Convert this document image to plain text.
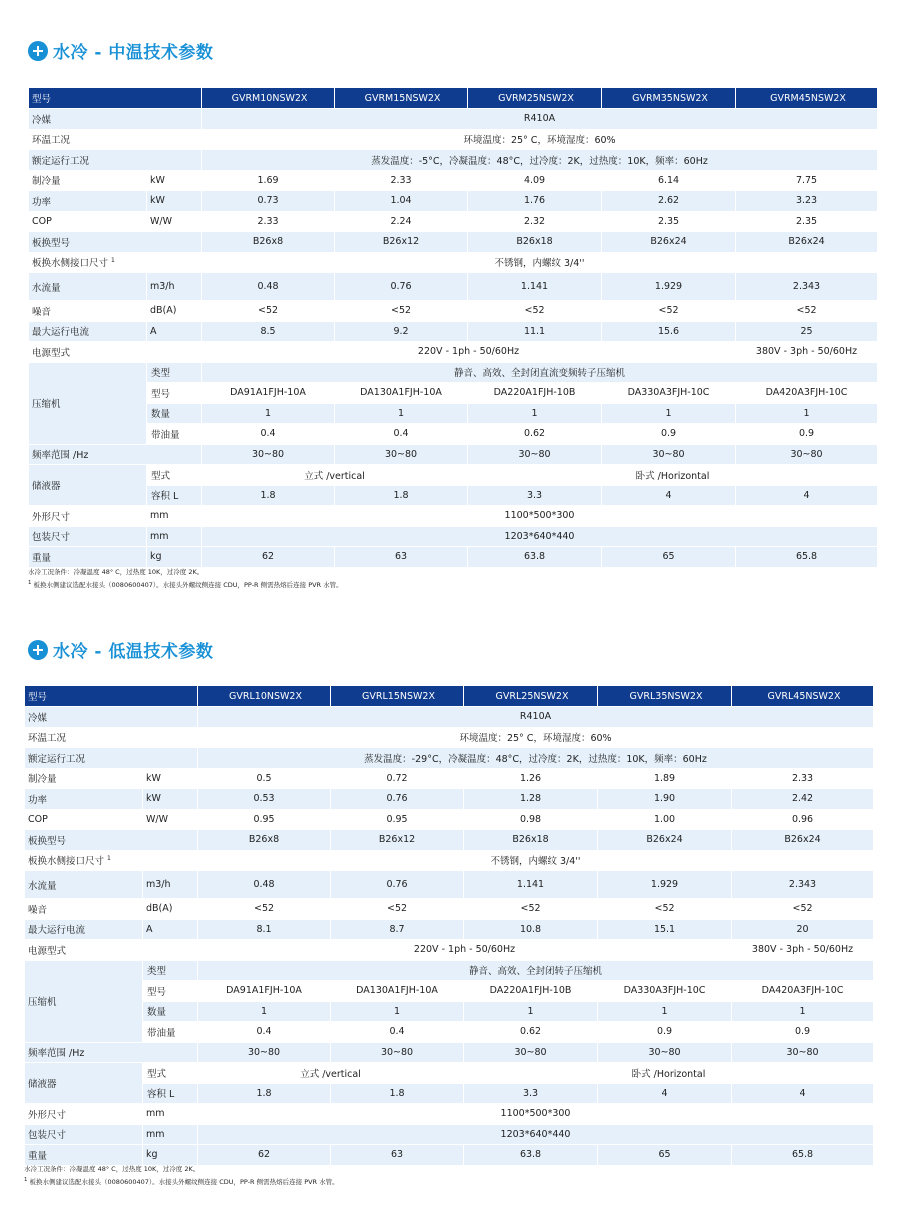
水冷 - 中温技术参数
型号		GVRM10NSW2X	GVRM15NSW2X	GVRM25NSW2X	GVRM35NSW2X	GVRM45NSW2X
冷媒		R410A				
环温工况		环境温度：25° C，环境湿度：60%				
额定运行工况		蒸发温度：-5°C，冷凝温度：48°C，过冷度：2K，过热度：10K，频率：60Hz				
制冷量	kW	1.69	2.33	4.09	6.14	7.75
功率	kW	0.73	1.04	1.76	2.62	3.23
COP	W/W	2.33	2.24	2.32	2.35	2.35
板换型号		B26x8	B26x12	B26x18	B26x24	B26x24
板换水侧接口尺寸 $^1$		不锈钢，内螺纹 3/4''				
水流量	m3/h	0.48	0.76	1.141	1.929	2.343
噪音	dB(A)	<52	<52	<52	<52	<52
最大运行电流	A	8.5	9.2	11.1	15.6	25
电源型式		220V - 1ph - 50/60Hz				380V - 3ph - 50/60Hz
压缩机	类型	静音、高效、全封闭直流变频转子压缩机				
	型号	DA91A1FJH-10A	DA130A1FJH-10A	DA220A1FJH-10B	DA330A3FJH-10C	DA420A3FJH-10C
	数量	1	1	1	1	1
	带油量	0.4	0.4	0.62	0.9	0.9
频率范围 /Hz		30~80	30~80	30~80	30~80	30~80
储液器	型式	立式 /vertical		卧式 /Horizontal		
	容积 L	1.8	1.8	3.3	4	4
外形尺寸	mm	1100*500*300				
包装尺寸	mm	1203*640*440				
重量	kg	62	63	63.8	65	65.8
水冷工况条件：冷凝温度 48° C，过热度 10K，过冷度 2K。
$^1$ 板换水侧建议选配水接头（0080600407）。水接头外螺纹侧连接 CDU，PP-R 侧需热熔后连接 PVR 水管。
水冷 - 低温技术参数
型号		GVRL10NSW2X	GVRL15NSW2X	GVRL25NSW2X	GVRL35NSW2X	GVRL45NSW2X
冷媒		R410A				
环温工况		环境温度：25° C，环境湿度：60%				
额定运行工况		蒸发温度：-29°C，冷凝温度：48°C，过冷度：2K，过热度：10K，频率：60Hz				
制冷量	kW	0.5	0.72	1.26	1.89	2.33
功率	kW	0.53	0.76	1.28	1.90	2.42
COP	W/W	0.95	0.95	0.98	1.00	0.96
板换型号		B26x8	B26x12	B26x18	B26x24	B26x24
板换水侧接口尺寸 $^1$		不锈钢，内螺纹 3/4''				
水流量	m3/h	0.48	0.76	1.141	1.929	2.343
噪音	dB(A)	<52	<52	<52	<52	<52
最大运行电流	A	8.1	8.7	10.8	15.1	20
电源型式		220V - 1ph - 50/60Hz				380V - 3ph - 50/60Hz
压缩机	类型	静音、高效、全封闭转子压缩机				
	型号	DA91A1FJH-10A	DA130A1FJH-10A	DA220A1FJH-10B	DA330A3FJH-10C	DA420A3FJH-10C
	数量	1	1	1	1	1
	带油量	0.4	0.4	0.62	0.9	0.9
频率范围 /Hz		30~80	30~80	30~80	30~80	30~80
储液器	型式	立式 /vertical		卧式 /Horizontal		
	容积 L	1.8	1.8	3.3	4	4
外形尺寸	mm	1100*500*300				
包装尺寸	mm	1203*640*440				
重量	kg	62	63	63.8	65	65.8
水冷工况条件：冷凝温度 48° C，过热度 10K，过冷度 2K。
$^1$ 板换水侧建议选配水接头（0080600407）。水接头外螺纹侧连接 CDU，PP-R 侧需热熔后连接 PVR 水管。
